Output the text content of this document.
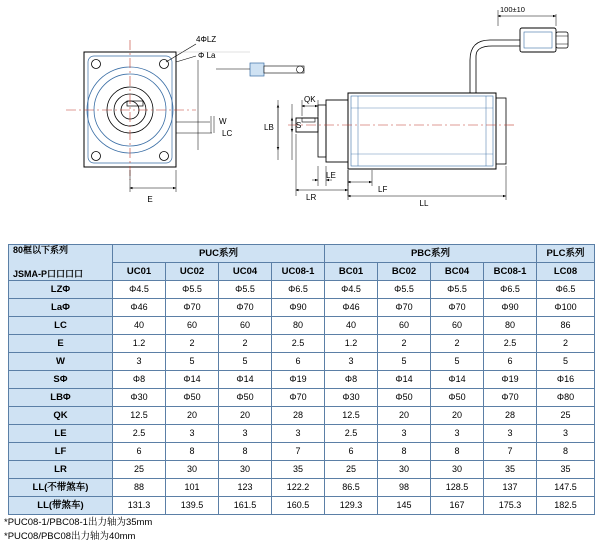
4ΦLZ
Φ La
E
W
LC
100±10
S
LB
QK
LE
LR
LF
LL
80框以下系列
JSMA-P口口口口	PUC系列				PBC系列				PLC系列
	UC01	UC02	UC04	UC08-1	BC01	BC02	BC04	BC08-1	LC08
LZΦ	Φ4.5	Φ5.5	Φ5.5	Φ6.5	Φ4.5	Φ5.5	Φ5.5	Φ6.5	Φ6.5
LaΦ	Φ46	Φ70	Φ70	Φ90	Φ46	Φ70	Φ70	Φ90	Φ100
LC	40	60	60	80	40	60	60	80	86
E	1.2	2	2	2.5	1.2	2	2	2.5	2
W	3	5	5	6	3	5	5	6	5
SΦ	Φ8	Φ14	Φ14	Φ19	Φ8	Φ14	Φ14	Φ19	Φ16
LBΦ	Φ30	Φ50	Φ50	Φ70	Φ30	Φ50	Φ50	Φ70	Φ80
QK	12.5	20	20	28	12.5	20	20	28	25
LE	2.5	3	3	3	2.5	3	3	3	3
LF	6	8	8	7	6	8	8	7	8
LR	25	30	30	35	25	30	30	35	35
LL(不带煞车)	88	101	123	122.2	86.5	98	128.5	137	147.5
LL(带煞车)	131.3	139.5	161.5	160.5	129.3	145	167	175.3	182.5
*PUC08-1/PBC08-1出力轴为35mm
*PUC08/PBC08出力轴为40mm
